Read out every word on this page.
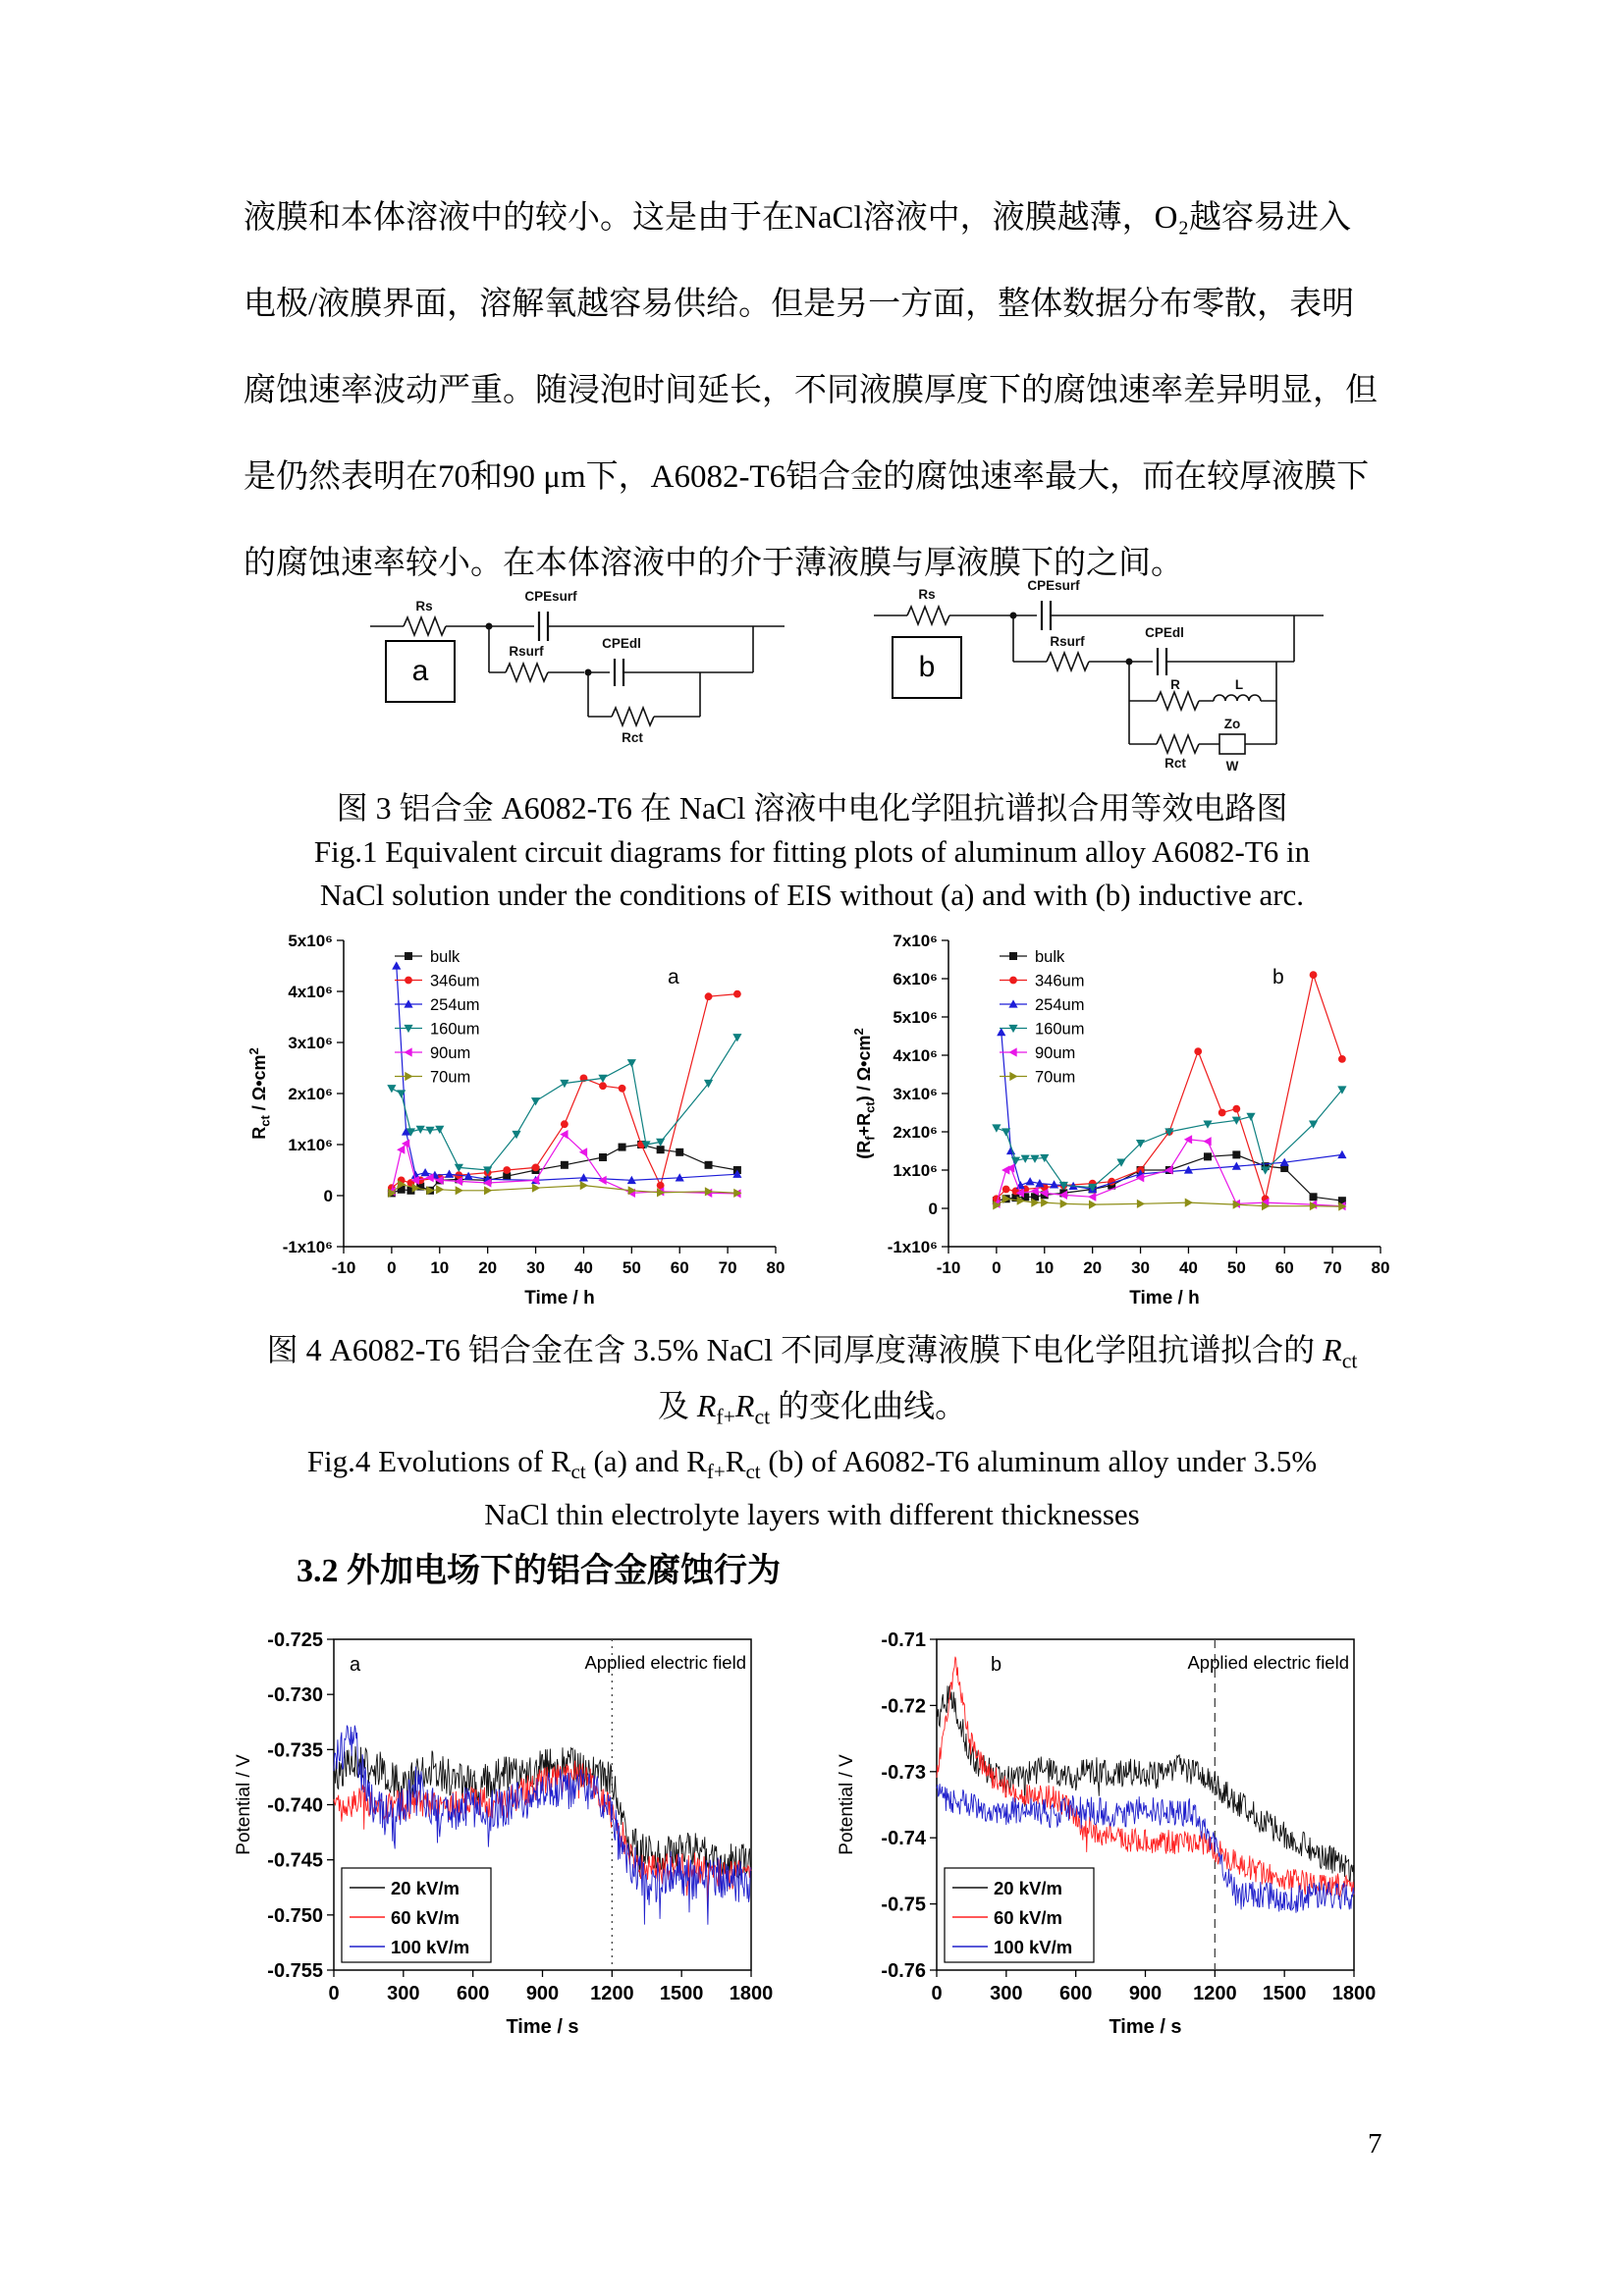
液膜和本体溶液中的较小。这是由于在NaCl溶液中，液膜越薄，O₂越容易进入
电极/液膜界面，溶解氧越容易供给。但是另一方面，整体数据分布零散，表明
腐蚀速率波动严重。随浸泡时间延长，不同液膜厚度下的腐蚀速率差异明显，但
是仍然表明在70和90 μm下，A6082-T6铝合金的腐蚀速率最大，而在较厚液膜下
的腐蚀速率较小。在本体溶液中的介于薄液膜与厚液膜下的之间。
Rs
CPEsurf
Rsurf
CPEdl
Rct
Rs
CPEsurf
Rsurf
CPEdl
R	L
Rct
Zo
W
a	b
图 3 铝合金 A6082-T6 在 NaCl 溶液中电化学阻抗谱拟合用等效电路图
Fig.1 Equivalent circuit diagrams for fitting plots of aluminum alloy A6082-T6 in
NaCl solution under the conditions of EIS without (a) and with (b) inductive arc.
-10 0 10 20 30 40 50 60 70 80
-1x10⁶
0
1x10⁶
2x10⁶
3x10⁶
4x10⁶
5x10⁶
Time / h
$R_{ct}$ / $\Omega•cm^2$
bulk
346um
254um
160um
90um
70um
a
-10 0 10 20 30 40 50 60 70 80
-1x10⁶
0
1x10⁶
2x10⁶
3x10⁶
4x10⁶
5x10⁶
6x10⁶
7x10⁶
Time / h
$(R_f+R_{ct})$ / $\Omega•cm^2$
bulk
346um
254um
160um
90um
70um
b
图 4 A6082-T6 铝合金在含 3.5% NaCl 不同厚度薄液膜下电化学阻抗谱拟合的 $R_{ct}$
及 $R_{f+}R_{ct}$ 的变化曲线。
Fig.4 Evolutions of $R_{ct}$ (a) and $R_{f+}R_{ct}$ (b) of A6082-T6 aluminum alloy under 3.5%
NaCl thin electrolyte layers with different thicknesses
3.2 外加电场下的铝合金腐蚀行为
0 300 600 900 1200 1500 1800
-0.755
-0.750
-0.745
-0.740
-0.735
-0.730
-0.725
Time / s
Potential / V
Applied electric field
a
20 kV/m
60 kV/m
100 kV/m
0 300 600 900 1200 1500 1800
-0.76
-0.75
-0.74
-0.73
-0.72
-0.71
Time / s
Potential / V
Applied electric field
b
20 kV/m
60 kV/m
100 kV/m
7
